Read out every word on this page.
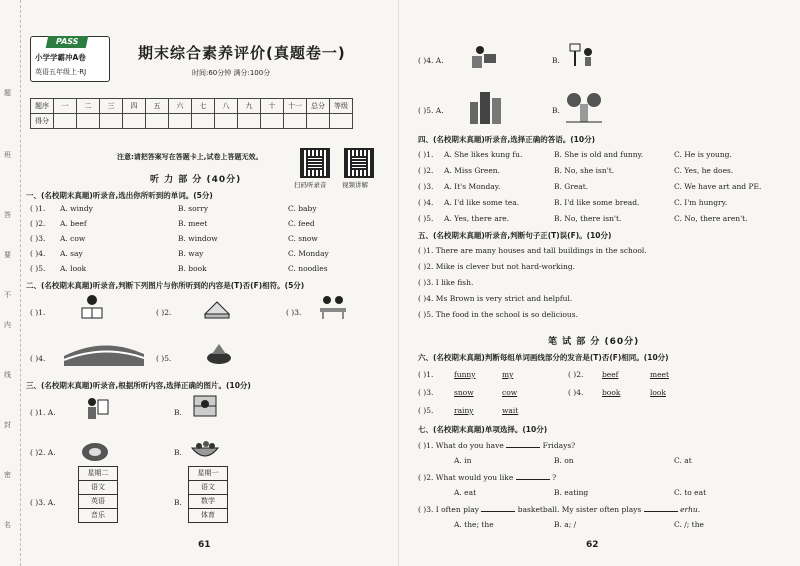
题
班
答
要
不
内
线
封
密
名
PASS
小学学霸冲A卷
英语五年级上·RJ
期末综合素养评价(真题卷一)
时间:60分钟 满分:100分
题序	一	二	三	四	五	六	七	八	九	十	十一	总分	等级
得分													
注意:请把答案写在答题卡上,试卷上答题无效。
扫码听录音 视频讲解
听 力 部 分 (40分)
一、(名校期末真题)听录音,选出你所听到的单词。(5分)
( )1. A. windy	B. sorry	C. baby
( )2. A. beef	B. meet	C. feed
( )3. A. cow	B. window	C. snow
( )4. A. say	B. way	C. Monday
( )5. A. look	B. book	C. noodles
二、(名校期末真题)听录音,判断下列图片与你所听到的内容是(T)否(F)相符。(5分)
( )1.	( )2.	( )3.
( )4.	( )5.
三、(名校期末真题)听录音,根据所听内容,选择正确的图片。(10分)
( )1. A.	B.
( )2. A.	B.
( )3. A.
星期二
语文
英语
音乐
B.
星期一
语文
数学
体育
61
( )4. A.	B.
( )5. A.	B.
四、(名校期末真题)听录音,选择正确的答语。(10分)
( )1. A. She likes kung fu.	B. She is old and funny.	C. He is young.
( )2. A. Miss Green.	B. No, she isn't.	C. Yes, he does.
( )3. A. It's Monday.	B. Great.	C. We have art and PE.
( )4. A. I'd like some tea.	B. I'd like some bread.	C. I'm hungry.
( )5. A. Yes, there are.	B. No, there isn't.	C. No, there aren't.
五、(名校期末真题)听录音,判断句子正(T)误(F)。(10分)
( )1. There are many houses and tall buildings in the school.
( )2. Mike is clever but not hard-working.
( )3. I like fish.
( )4. Ms Brown is very strict and helpful.
( )5. The food in the school is so delicious.
笔 试 部 分 (60分)
六、(名校期末真题)判断每组单词画线部分的发音是(T)否(F)相同。(10分)
( )1.	funny	my	( )2. beef	meet
( )3.	snow	cow	( )4. book	look
( )5.	rainy	wait
七、(名校期末真题)单项选择。(10分)
( )1. What do you have	Fridays?
A. in	B. on	C. at
( )2. What would you like	?
A. eat	B. eating	C. to eat
( )3. I often play	basketball. My sister often plays	erhu.
A. the; the	B. a; /	C. /; the
62
